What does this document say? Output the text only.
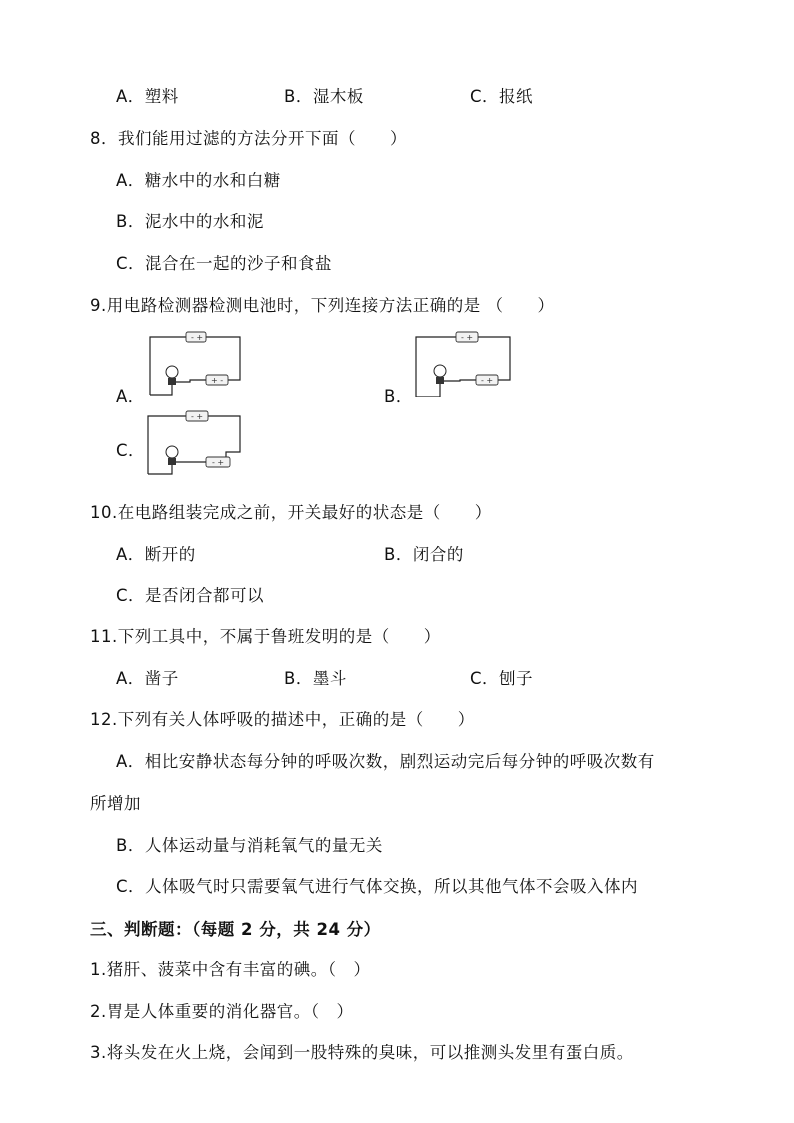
A．塑料	B．湿木板	C．报纸
8．我们能用过滤的方法分开下面（　　）
A．糖水中的水和白糖
B．泥水中的水和泥
C．混合在一起的沙子和食盐
9.用电路检测器检测电池时，下列连接方法正确的是 （　　）
A．	B．
C．
- +
+ -
- +
- +
- +
- +
10.在电路组装完成之前，开关最好的状态是（　　）
A．断开的	B．闭合的
C．是否闭合都可以
11.下列工具中，不属于鲁班发明的是（　　）
A．凿子	B．墨斗	C．刨子
12.下列有关人体呼吸的描述中，正确的是（　　）
A．相比安静状态每分钟的呼吸次数，剧烈运动完后每分钟的呼吸次数有
所增加
B．人体运动量与消耗氧气的量无关
C．人体吸气时只需要氧气进行气体交换，所以其他气体不会吸入体内
三、判断题：（每题 2 分，共 24 分）
1.猪肝、菠菜中含有丰富的碘。（　）
2.胃是人体重要的消化器官。（　）
3.将头发在火上烧，会闻到一股特殊的臭味，可以推测头发里有蛋白质。
